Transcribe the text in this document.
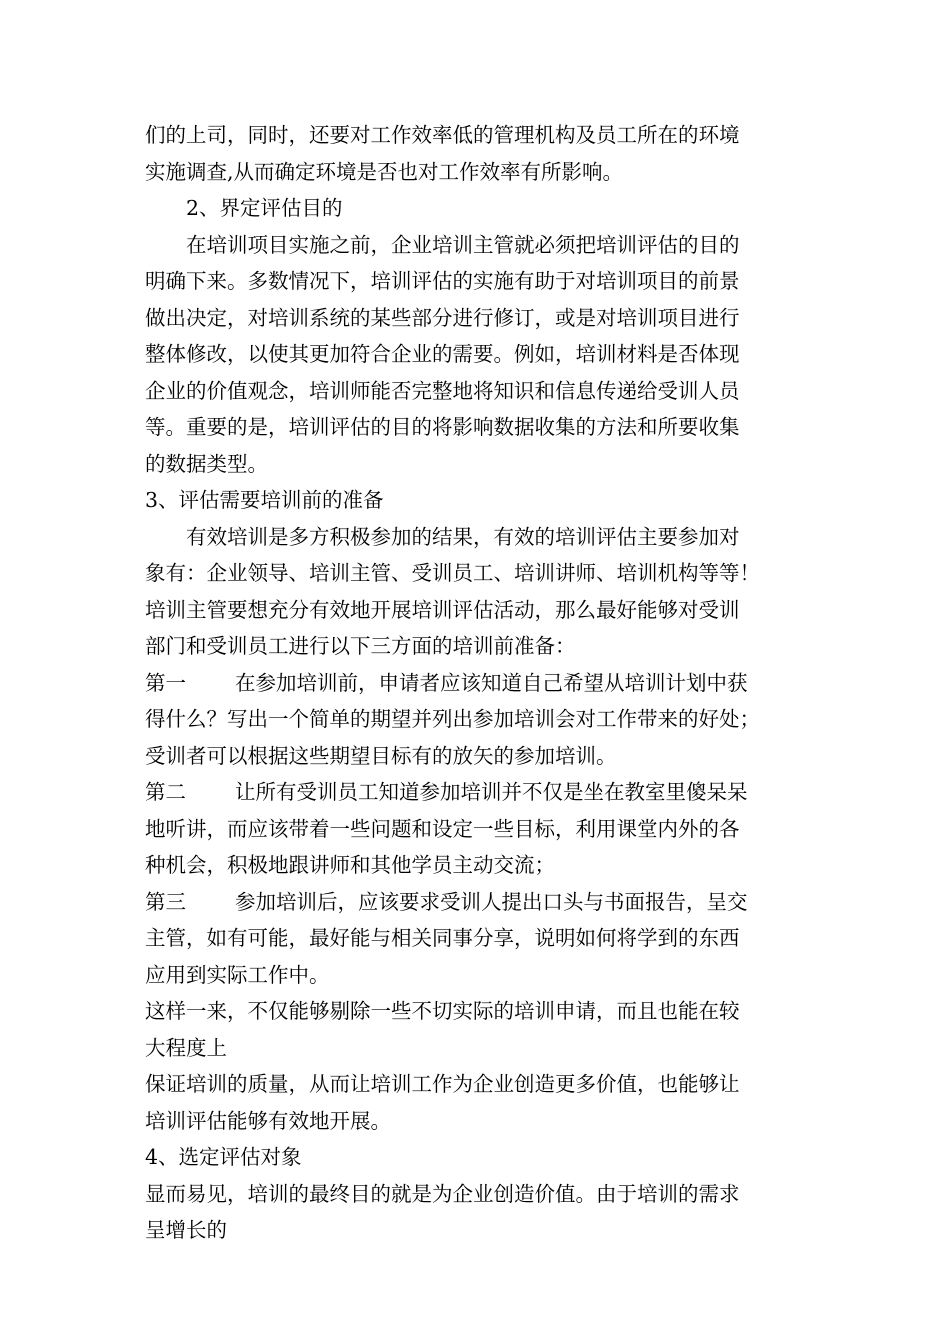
们的上司，同时，还要对工作效率低的管理机构及员工所在的环境
实施调查,从而确定环境是否也对工作效率有所影响。
2、界定评估目的
在培训项目实施之前，企业培训主管就必须把培训评估的目的
明确下来。多数情况下，培训评估的实施有助于对培训项目的前景
做出决定，对培训系统的某些部分进行修订，或是对培训项目进行
整体修改，以使其更加符合企业的需要。例如，培训材料是否体现
企业的价值观念，培训师能否完整地将知识和信息传递给受训人员
等。重要的是，培训评估的目的将影响数据收集的方法和所要收集
的数据类型。
3、评估需要培训前的准备
有效培训是多方积极参加的结果，有效的培训评估主要参加对
象有：企业领导、培训主管、受训员工、培训讲师、培训机构等等！
培训主管要想充分有效地开展培训评估活动，那么最好能够对受训
部门和受训员工进行以下三方面的培训前准备：
第一	在参加培训前，申请者应该知道自己希望从培训计划中获
得什么？写出一个简单的期望并列出参加培训会对工作带来的好处；
受训者可以根据这些期望目标有的放矢的参加培训。
第二	让所有受训员工知道参加培训并不仅是坐在教室里傻呆呆
地听讲，而应该带着一些问题和设定一些目标，利用课堂内外的各
种机会，积极地跟讲师和其他学员主动交流；
第三	参加培训后，应该要求受训人提出口头与书面报告，呈交
主管，如有可能，最好能与相关同事分享，说明如何将学到的东西
应用到实际工作中。
这样一来，不仅能够剔除一些不切实际的培训申请，而且也能在较
大程度上
保证培训的质量，从而让培训工作为企业创造更多价值，也能够让
培训评估能够有效地开展。
4、选定评估对象
显而易见，培训的最终目的就是为企业创造价值。由于培训的需求
呈增长的
